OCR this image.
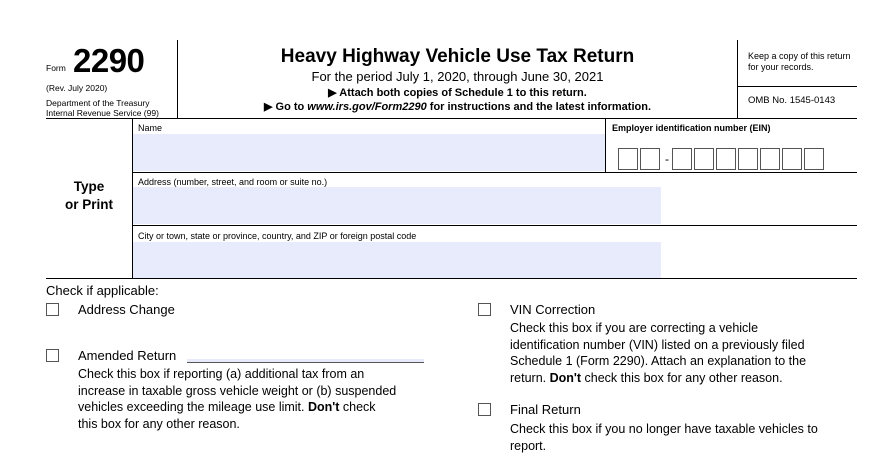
Form 2290
(Rev. July 2020)
Department of the Treasury
Internal Revenue Service (99)
Heavy Highway Vehicle Use Tax Return
For the period July 1, 2020, through June 30, 2021
▶ Attach both copies of Schedule 1 to this return.
▶ Go to www.irs.gov/Form2290 for instructions and the latest information.
Keep a copy of this return for your records.
OMB No. 1545-0143
Type
or Print
Name	Employer identification number (EIN)
-
Address (number, street, and room or suite no.)
City or town, state or province, country, and ZIP or foreign postal code
Check if applicable:
Address Change
Amended Return
Check this box if reporting (a) additional tax from an
increase in taxable gross vehicle weight or (b) suspended
vehicles exceeding the mileage use limit. Don't check
this box for any other reason.
VIN Correction
Check this box if you are correcting a vehicle
identification number (VIN) listed on a previously filed
Schedule 1 (Form 2290). Attach an explanation to the
return. Don't check this box for any other reason.
Final Return
Check this box if you no longer have taxable vehicles to
report.
